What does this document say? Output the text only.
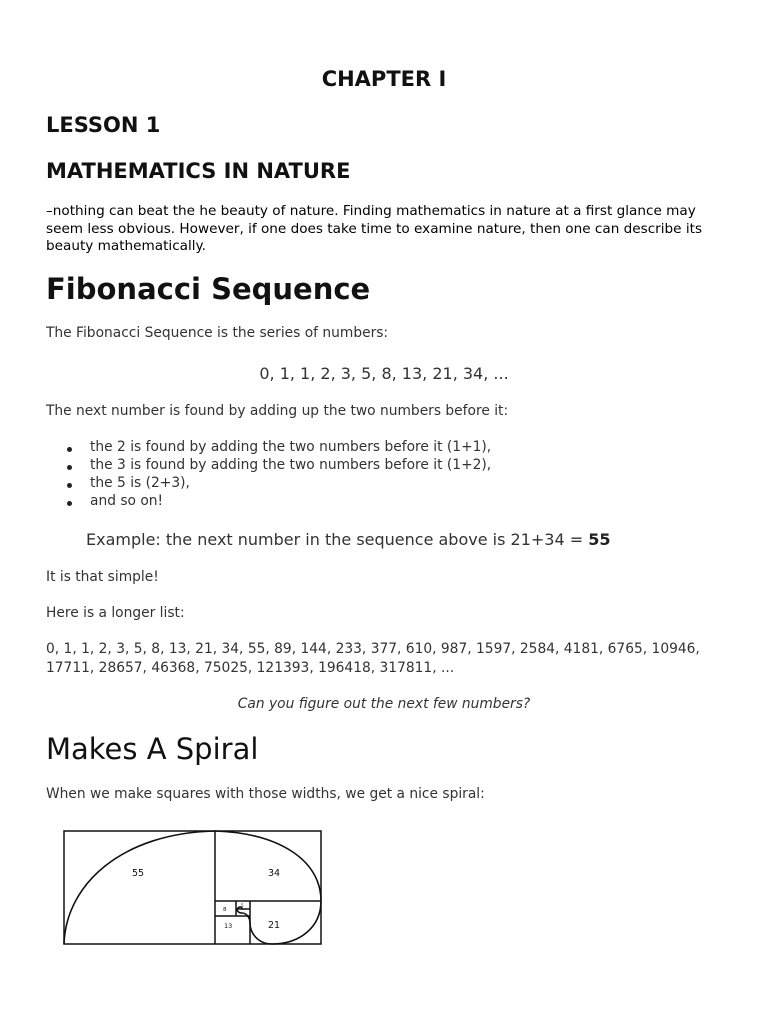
CHAPTER I
LESSON 1
MATHEMATICS IN NATURE

–nothing can beat the he beauty of nature. Finding mathematics in nature at a first glance may seem less obvious. However, if one does take time to examine nature, then one can describe its beauty mathematically.

Fibonacci Sequence

The Fibonacci Sequence is the series of numbers:

0, 1, 1, 2, 3, 5, 8, 13, 21, 34, ...

The next number is found by adding up the two numbers before it:

the 2 is found by adding the two numbers before it (1+1),
the 3 is found by adding the two numbers before it (1+2),
the 5 is (2+3),
and so on!
Example: the next number in the sequence above is 21+34 = 55

It is that simple!

Here is a longer list:

0, 1, 1, 2, 3, 5, 8, 13, 21, 34, 55, 89, 144, 233, 377, 610, 987, 1597, 2584, 4181, 6765, 10946, 17711, 28657, 46368, 75025, 121393, 196418, 317811, ...

Can you figure out the next few numbers?
Makes A Spiral

When we make squares with those widths, we get a nice spiral:

55	34
21
13
8
5
